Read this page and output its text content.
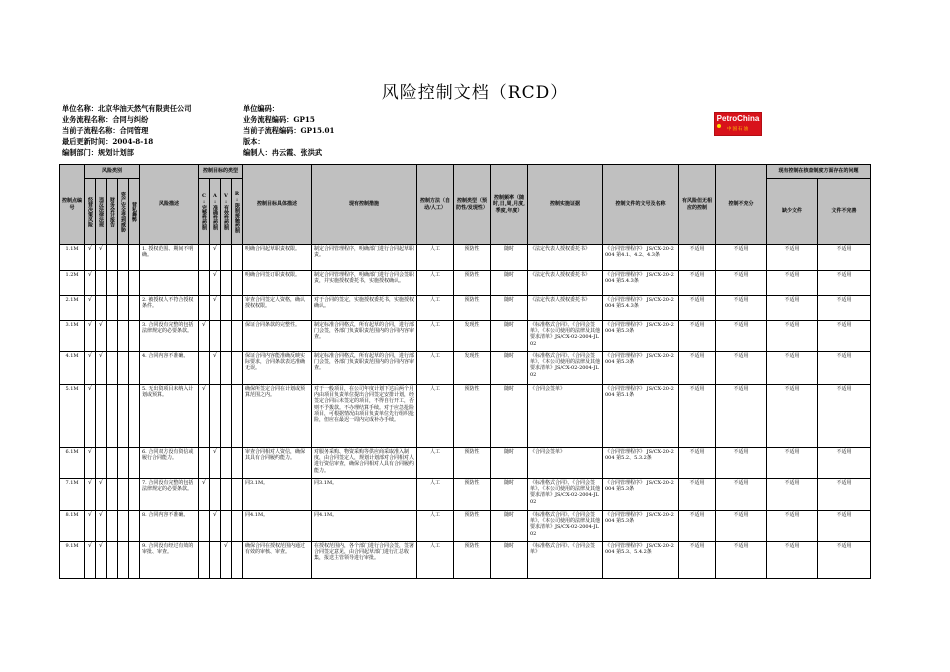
风险控制文档（RCD）
单位名称：北京华油天然气有限责任公司
业务流程名称：合同与纠纷
当前子流程名称：合同管理
最后更新时间：2004-8-18
编制部门：规划计划部
单位编码：
业务流程编码：GP15
当前子流程编码：GP15.01
版本：
编制人：冉云霞、张洪武
PetroChina
中国石油
控制点编号	风险类别					风险描述	控制目标的类型				控制目标具体描述	现有控制措施	控制方法（自动/人工）	控制类型（预防性/发现性）	控制频率（随时,日,周,月度,季度,年度）	控制实施证据	控制文件的文号及名称	有风险但无相应的控制	控制不充分	现有控制在核查制度方面存在的问题	
	经营决策风险	违反法律法规	财务会计报告	资产安全受到威胁	营私舞弊		C:完整性控制	A:准确性控制	V:有效性控制	R:限制接触控制										缺少文件	文件不完善
1.1M	√	√				1. 授权范围、期间不明确。		√			明确合同起草职责权限。	制定合同管理程序，明确部门进行合同起草职责。	人工	预防性	随时	《法定代表人授权委托书》	《合同管理程序》 JS/CX-20-2004 第4.1、4.2、4.3条	不适用	不适用	不适用	不适用
1.2M	√							√			明确合同签订职责权限。	制定合同管理程序，明确部门进行合同会签职责，并实施授权委托书，实施授权确认。	人工	预防性	随时	《法定代表人授权委托书》	《合同管理程序》 JS/CX-20-2004 第5.4.3条	不适用	不适用	不适用	不适用
2.1M	√					2. 被授权人不符合授权条件。		√			审查合同签定人资格，确认授权权限。	对于合同的签定，实施授权委托书，实施授权确认。	人工	预防性	随时	《法定代表人授权委托书》	《合同管理程序》 JS/CX-20-2004 第5.4.3条	不适用	不适用	不适用	不适用
3.1M	√	√				3. 合同没有完整的包括法律规定的必要条款。	√				保证合同条款的完整性。	制定标准合同格式，所有起草的合同，进行部门会签，各部门负责职责范围内的合同内容审查。	人工	发现性	随时	《标准格式合同》、《合同会签单》、《本公司使用的法律及其他要求清单》JS/CX-02-2004-JL02	《合同管理程序》 JS/CX-20-2004 第5.3条	不适用	不适用	不适用	不适用
4.1M	√	√				4. 合同内容不准确。		√			保证合同内容能准确反映实际要求，合同条款表达准确无误。	制定标准合同格式，所有起草的合同，进行部门会签，各部门负责职责范围内的合同内容审查。	人工	发现性	随时	《标准格式合同》、《合同会签单》、《本公司使用的法律及其他要求清单》JS/CX-02-2004-JL02	《合同管理程序》 JS/CX-20-2004 第5.3条	不适用	不适用	不适用	不适用
5.1M	√					5. 无出资项目未纳入计划或预算。	√				确保所签定合同在计划或预算范围之内。	对于一般项目，在公司年度计划下达后两个月内由项目负责单位提出合同签定安排计划，经签定合同后未签定的项目，不得自行开工，否则不予拨款。不办理结算手续。对于应急抢险项目，可根据情况由项目负责单位先行组织抢险，但应在最迟一周内完成补办手续。	人工	预防性	随时	《合同会签单》	《合同管理程序》 JS/CX-20-2004 第5.1条	不适用	不适用	不适用	不适用
6.1M	√					6. 合同双方没有资信或履行合同能力。		√			审查合同相对人资信，确保其具有合同履约能力。	对服务采购、物资采购等供应商采取准入制度，由合同签定人，规划计划部对合同相对人进行资信审查，确保合同相对人具有合同履约能力。	人工	预防性	随时	《合同会签单》	《合同管理程序》 JS/CX-20-2004 第5.2、5.3.2条	不适用	不适用	不适用	不适用
7.1M	√	√				7. 合同没有完整的包括法律规定的必要条款。	√				同3.1M。	同3.1M。	人工	预防性	随时	《标准格式合同》、《合同会签单》、《本公司使用的法律及其他要求清单》JS/CX-02-2004-JL02	《合同管理程序》 JS/CX-20-2004 第5.3条	不适用	不适用	不适用	不适用
8.1M	√	√				8. 合同内容不准确。		√			同4.1M。	同4.1M。	人工	预防性	随时	《标准格式合同》、《合同会签单》、《本公司使用的法律及其他要求清单》JS/CX-02-2004-JL02	《合同管理程序》 JS/CX-20-2004 第5.3条	不适用	不适用	不适用	不适用
9.1M	√	√				9. 合同没有经过有效的审批、审查。			√		确保合同在授权范围内通过有效的审核、审查。	在授权范围内，各个部门进行合同会签，签署合同签定意见，由合同起草部门进行汇总收集，报送主管领导进行审批。	人工	预防性	随时	《标准格式合同》、《合同会签单》	《合同管理程序》 JS/CX-20-2004 第5.3、5.4.2条	不适用	不适用	不适用	不适用
